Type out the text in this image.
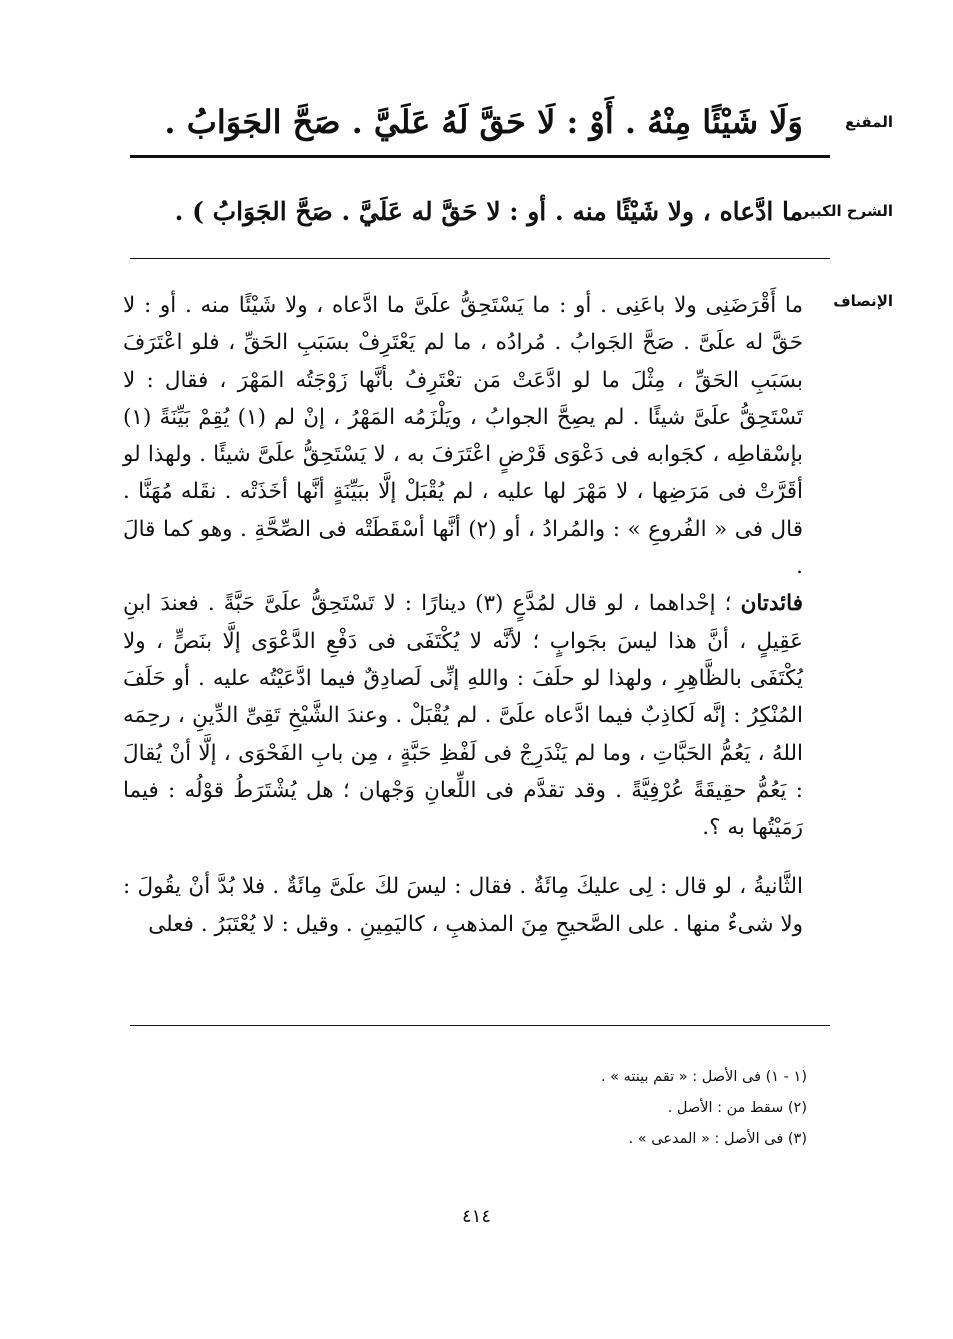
المقنع
وَلَا شَيْئًا مِنْهُ . أَوْ : لَا حَقَّ لَهُ عَلَيَّ . صَحَّ الجَوَابُ .
الشرح الكبير
ما ادَّعاه ، ولا شَيْئًا منه . أو : لا حَقَّ له عَلَيَّ . صَحَّ الجَوَابُ ) .
الإنصاف

ما أَقْرَضَنِى ولا باعَنِى . أو : ما يَسْتَحِقُّ علَىَّ ما ادَّعاه ، ولا شَيْئًا منه . أو : لا حَقَّ له علَىَّ . صَحَّ الجَوابُ . مُرادُه ، ما لم يَعْتَرِفْ بسَبَبِ الحَقِّ ، فلو اعْتَرَفَ بسَبَبِ الحَقِّ ، مِثْلَ ما لو ادَّعَتْ مَن تعْتَرِفُ بأنَّها زَوْجَتُه المَهْرَ ، فقال : لا تَسْتَحِقُّ علَىَّ شيئًا . لم يصِحَّ الجوابُ ، ويَلْزَمُه المَهْرُ ، إنْ لم (١) يُقِمْ بَيِّنَةً (١) بإسْقاطِه ، كجَوابه فى دَعْوَى قَرْضٍ اعْتَرَفَ به ، لا يَسْتَحِقُّ علَىَّ شيئًا . ولهذا لو أقَرَّتْ فى مَرَضِها ، لا مَهْرَ لها عليه ، لم يُقْبَلْ إلَّا ببَيِّنَةٍ أنَّها أخَذَتْه . نقَله مُهَنَّا . قال فى « الفُروعِ » : والمُرادُ ، أو (٢) أنَّها أسْقَطَتْه فى الصِّحَّةِ . وهو كما قالَ .

فائدتان ؛ إحْداهما ، لو قال لمُدَّعٍ (٣) دينارًا : لا تَسْتَحِقُّ علَىَّ حَبَّةً . فعندَ ابنِ عَقِيلٍ ، أنَّ هذا ليسَ بجَوابٍ ؛ لأنَّه لا يُكْتَفَى فى دَفْعِ الدَّعْوَى إلَّا بنَصٍّ ، ولا يُكْتَفَى بالظَّاهِرِ ، ولهذا لو حلَفَ : واللهِ إنِّى لَصادِقٌ فيما ادَّعَيْتُه عليه . أو حَلَفَ المُنْكِرُ : إنَّه لَكاذِبٌ فيما ادَّعاه علَىَّ . لم يُقْبَلْ . وعندَ الشَّيْخِ تَقِىِّ الدِّينِ ، رحِمَه اللهُ ، يَعُمُّ الحَبَّاتِ ، وما لم يَنْدَرِجْ فى لَفْظِ حَبَّةٍ ، مِن بابِ الفَحْوَى ، إلَّا أنْ يُقالَ : يَعُمُّ حقِيقَةً عُرْفِيَّةً . وقد تقدَّم فى اللِّعانِ وَجْهان ؛ هل يُشْتَرَطُ قوْلُه : فيما رَمَيْتُها به ؟.

الثَّانيةُ ، لو قال : لِى عليكَ مِائَةٌ . فقال : ليسَ لكَ علَىَّ مِائَةٌ . فلا بُدَّ أنْ يقُولَ : ولا شىءٌ منها . على الصَّحيحِ مِنَ المذهبِ ، كاليَمِينِ . وقيل : لا يُعْتَبَرُ . فعلى

(١ - ١) فى الأصل : « تقم بينته » .
(٢) سقط من : الأصل .
(٣) فى الأصل : « المدعى » .
٤١٤
